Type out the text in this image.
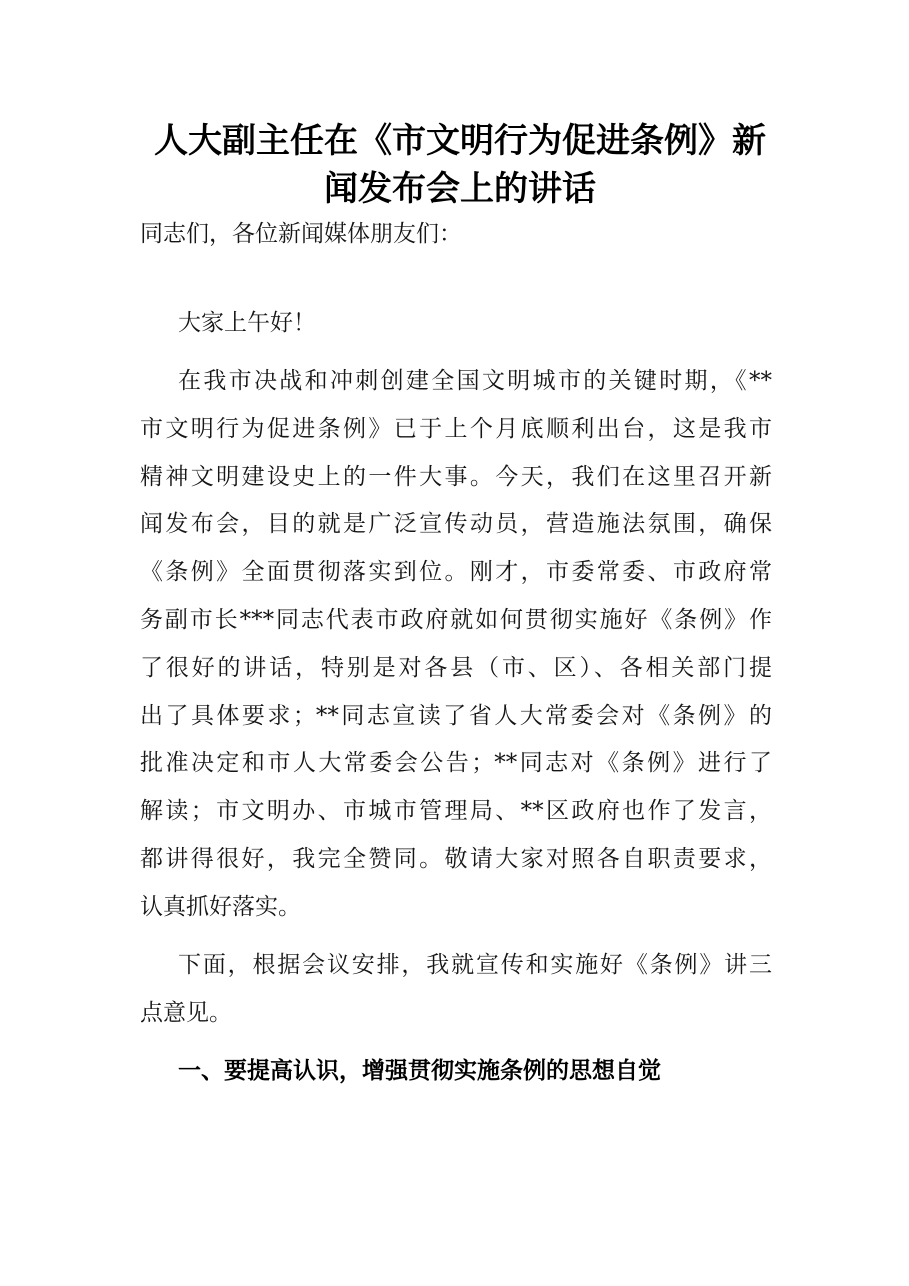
人大副主任在《市文明行为促进条例》新
闻发布会上的讲话
同志们，各位新闻媒体朋友们：
大家上午好！
在我市决战和冲刺创建全国文明城市的关键时期，《**
市文明行为促进条例》已于上个月底顺利出台，这是我市
精神文明建设史上的一件大事。今天，我们在这里召开新
闻发布会，目的就是广泛宣传动员，营造施法氛围，确保
《条例》全面贯彻落实到位。刚才，市委常委、市政府常
务副市长***同志代表市政府就如何贯彻实施好《条例》作
了很好的讲话，特别是对各县（市、区）、各相关部门提
出了具体要求；**同志宣读了省人大常委会对《条例》的
批准决定和市人大常委会公告；**同志对《条例》进行了
解读；市文明办、市城市管理局、**区政府也作了发言，
都讲得很好，我完全赞同。敬请大家对照各自职责要求，
认真抓好落实。
下面，根据会议安排，我就宣传和实施好《条例》讲三
点意见。
一、要提高认识，增强贯彻实施条例的思想自觉
